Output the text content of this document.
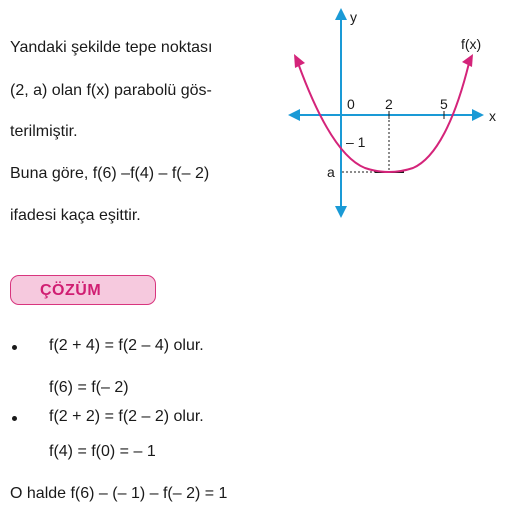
Yandaki şekilde tepe noktası
(2, a) olan f(x) parabolü gös-
terilmiştir.
Buna göre, f(6) –f(4) – f(– 2)
ifadesi kaça eşittir.
y
x
f(x)
0 2	5
– 1
a
ÇÖZÜM
f(2 + 4) = f(2 – 4) olur.
f(6) = f(– 2)
f(2 + 2) = f(2 – 2) olur.
f(4) = f(0) = – 1
O halde f(6) – (– 1) – f(– 2) = 1
